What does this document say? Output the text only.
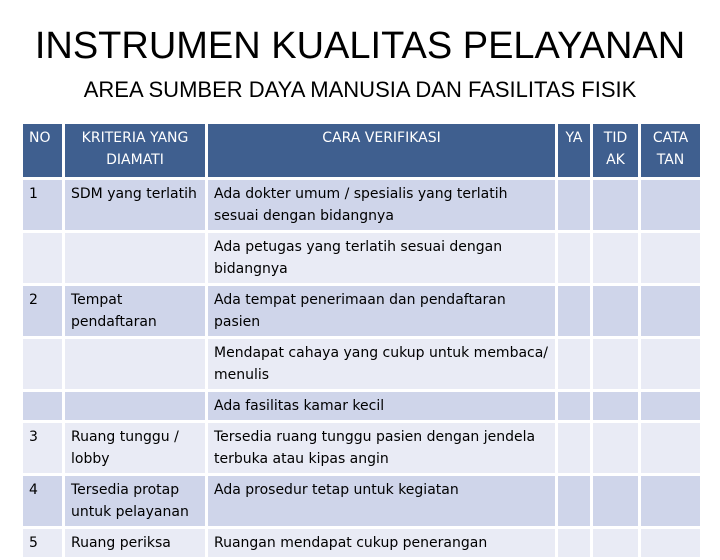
INSTRUMEN KUALITAS PELAYANAN
AREA SUMBER DAYA MANUSIA DAN FASILITAS FISIK
NO	KRITERIA YANG DIAMATI	CARA VERIFIKASI	YA	TID AK	CATA TAN
1	SDM yang terlatih	Ada dokter umum / spesialis yang terlatih sesuai dengan bidangnya			
		Ada petugas yang terlatih sesuai dengan bidangnya			
2	Tempat pendaftaran	Ada tempat penerimaan dan pendaftaran pasien			
		Mendapat cahaya yang cukup untuk membaca/ menulis			
		Ada fasilitas kamar kecil			
3	Ruang tunggu / lobby	Tersedia ruang tunggu pasien dengan jendela terbuka atau kipas angin			
4	Tersedia protap untuk pelayanan	Ada prosedur tetap untuk kegiatan			
5	Ruang periksa	Ruangan mendapat cukup penerangan			
